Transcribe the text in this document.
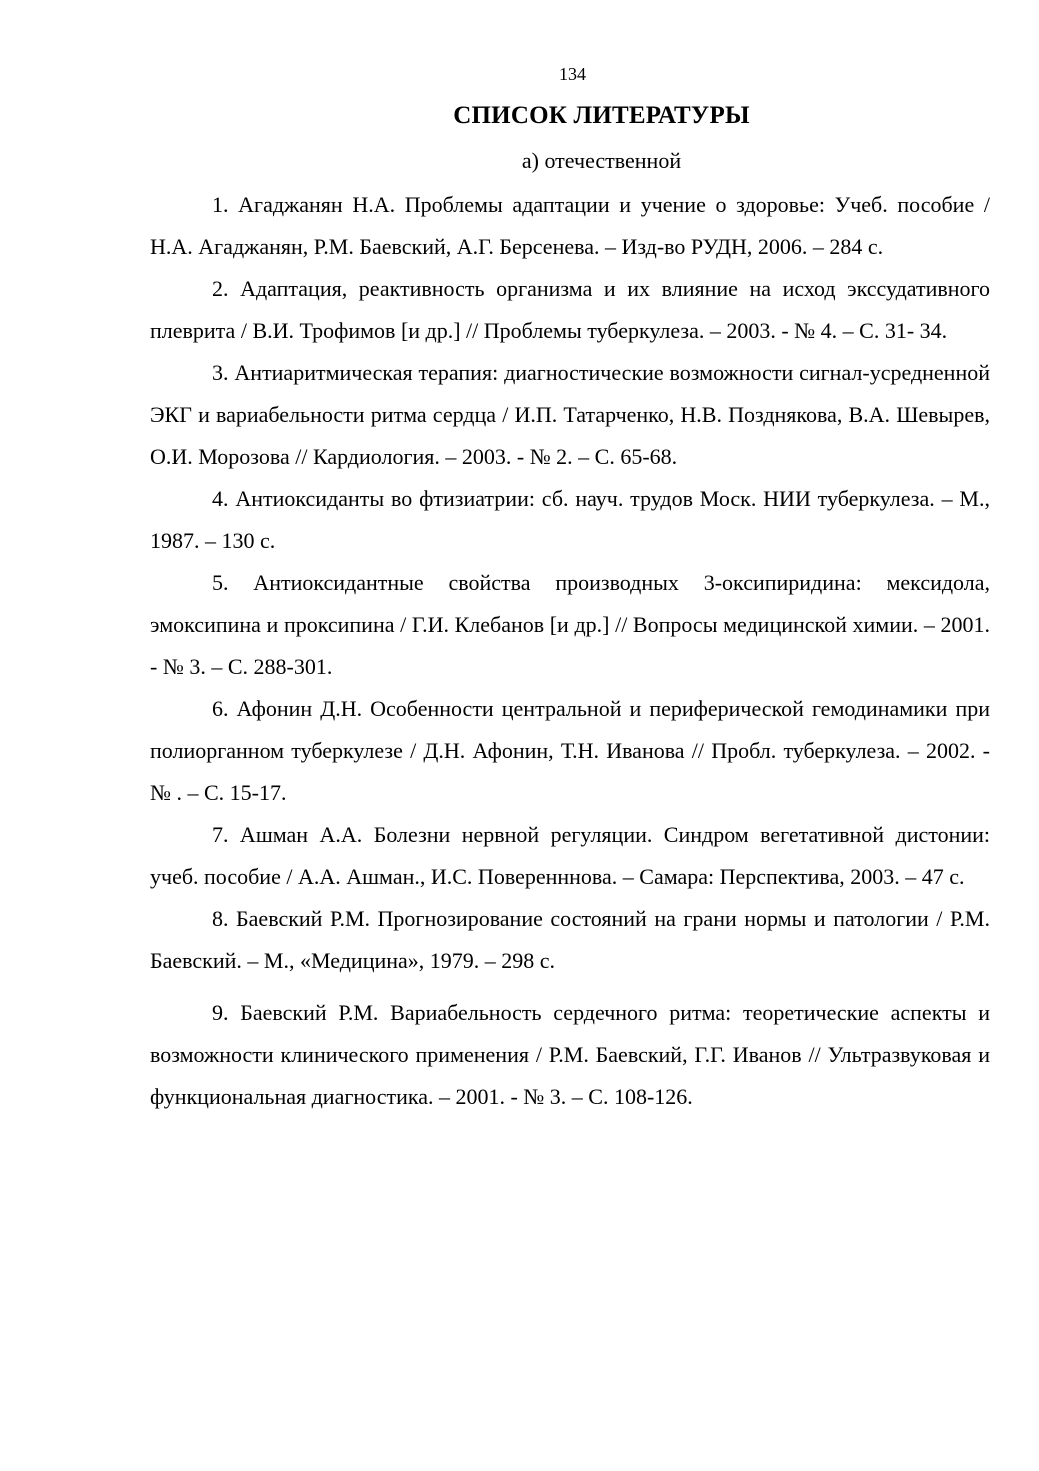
134
СПИСОК ЛИТЕРАТУРЫ
а) отечественной
1. Агаджанян Н.А. Проблемы адаптации и учение о здоровье: Учеб. пособие / Н.А. Агаджанян, Р.М. Баевский, А.Г. Берсенева. – Изд-во РУДН, 2006. – 284 с.
2. Адаптация, реактивность организма и их влияние на исход экссудативного плеврита / В.И. Трофимов [и др.] // Проблемы туберкулеза. – 2003. - № 4. – С. 31- 34.
3. Антиаритмическая терапия: диагностические возможности сигнал-усредненной ЭКГ и вариабельности ритма сердца / И.П. Татарченко, Н.В. Позднякова, В.А. Шевырев, О.И. Морозова // Кардиология. – 2003. - № 2. – С. 65-68.
4. Антиоксиданты во фтизиатрии: сб. науч. трудов Моск. НИИ туберкулеза. – М., 1987. – 130 с.
5. Антиоксидантные свойства производных 3-оксипиридина: мексидола, эмоксипина и проксипина / Г.И. Клебанов [и др.] // Вопросы медицинской химии. – 2001. - № 3. – С. 288-301.
6. Афонин Д.Н. Особенности центральной и периферической гемодинамики при полиорганном туберкулезе / Д.Н. Афонин, Т.Н. Иванова // Пробл. туберкулеза. – 2002. - № . – С. 15-17.
7. Ашман А.А. Болезни нервной регуляции. Синдром вегетативной дистонии: учеб. пособие / А.А. Ашман., И.С. Поверенннова. – Самара: Перспектива, 2003. – 47 с.
8. Баевский Р.М. Прогнозирование состояний на грани нормы и патологии / Р.М. Баевский. – М., «Медицина», 1979. – 298 с.
9. Баевский Р.М. Вариабельность сердечного ритма: теоретические аспекты и возможности клинического применения / Р.М. Баевский, Г.Г. Иванов // Ультразвуковая и функциональная диагностика. – 2001. - № 3. – С. 108-126.
